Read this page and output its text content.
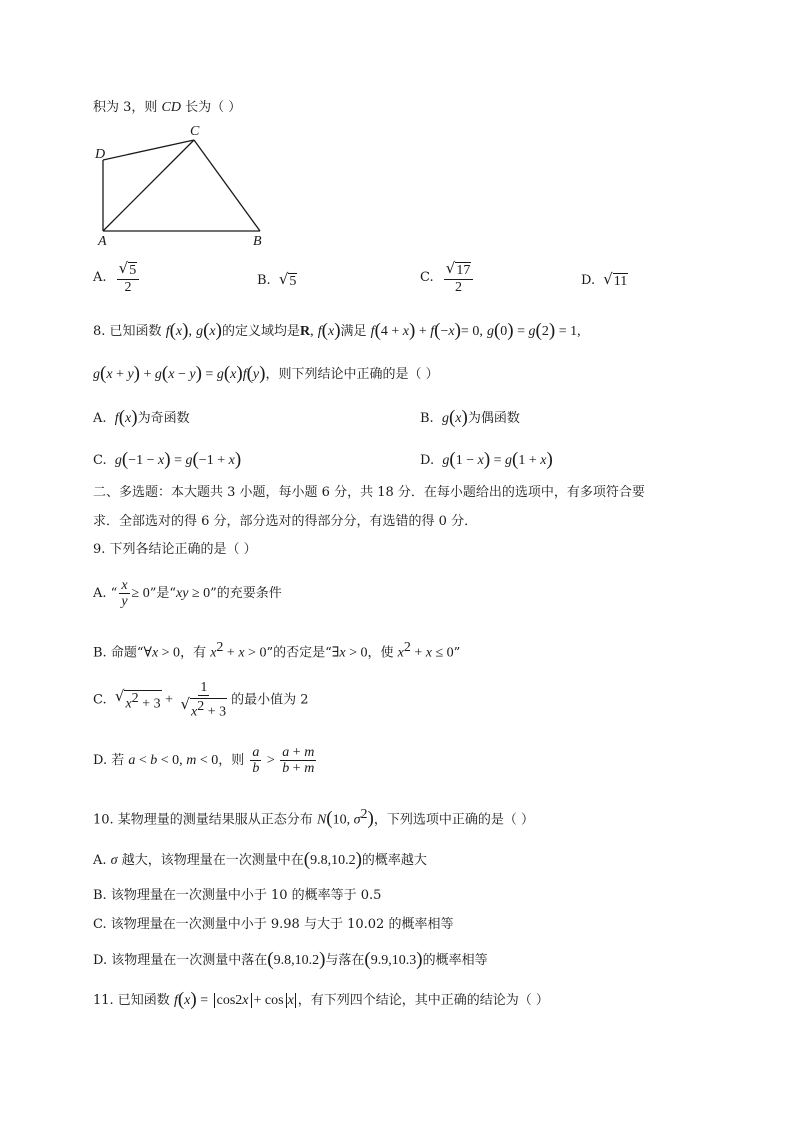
积为 3，则 CD 长为（ ）
A	B
C
D
A. $\frac{√ 5}{2}$	B. √ 5	C. $\frac{√ 17}{2}$	D. √ 11
8. 已知函数 f(x), g(x)的定义域均是R, f(x)满足 f(4 + x) + f(−x)= 0, g(0) = g(2) = 1,
g(x + y) + g(x − y) = g(x)f(y)，则下列结论中正确的是（ ）
A. f(x)为奇函数	B. g(x)为偶函数
C. g(−1 − x) = g(−1 + x)	D. g(1 − x) = g(1 + x)
二、多选题：本大题共 3 小题，每小题 6 分，共 18 分．在每小题给出的选项中，有多项符合要
求．全部选对的得 6 分，部分选对的得部分分，有选错的得 0 分．
9. 下列各结论正确的是（ ）
A. “ $\frac{x}{y} \ge 0$”是“xy ≥ 0”的充要条件
B. 命题“∀x > 0，有 $x^2 + x > 0$”的否定是“∃x > 0，使 $x^2 + x \le 0$”
C. √ $x^2 + 3 + \frac{1}{√ x^2 + 3}$ 的最小值为 2
D. 若 a < b < 0, m < 0，则 $\frac{a}{b} > \frac{a + m}{b + m}$
10. 某物理量的测量结果服从正态分布 N(10, $\sigma^2$)，下列选项中正确的是（ ）
A. σ 越大，该物理量在一次测量中在(9.8,10.2)的概率越大
B. 该物理量在一次测量中小于 10 的概率等于 0.5
C. 该物理量在一次测量中小于 9.98 与大于 10.02 的概率相等
D. 该物理量在一次测量中落在(9.8,10.2)与落在(9.9,10.3)的概率相等
11. 已知函数 f(x) = cos2x + cos x ，有下列四个结论，其中正确的结论为（ ）
